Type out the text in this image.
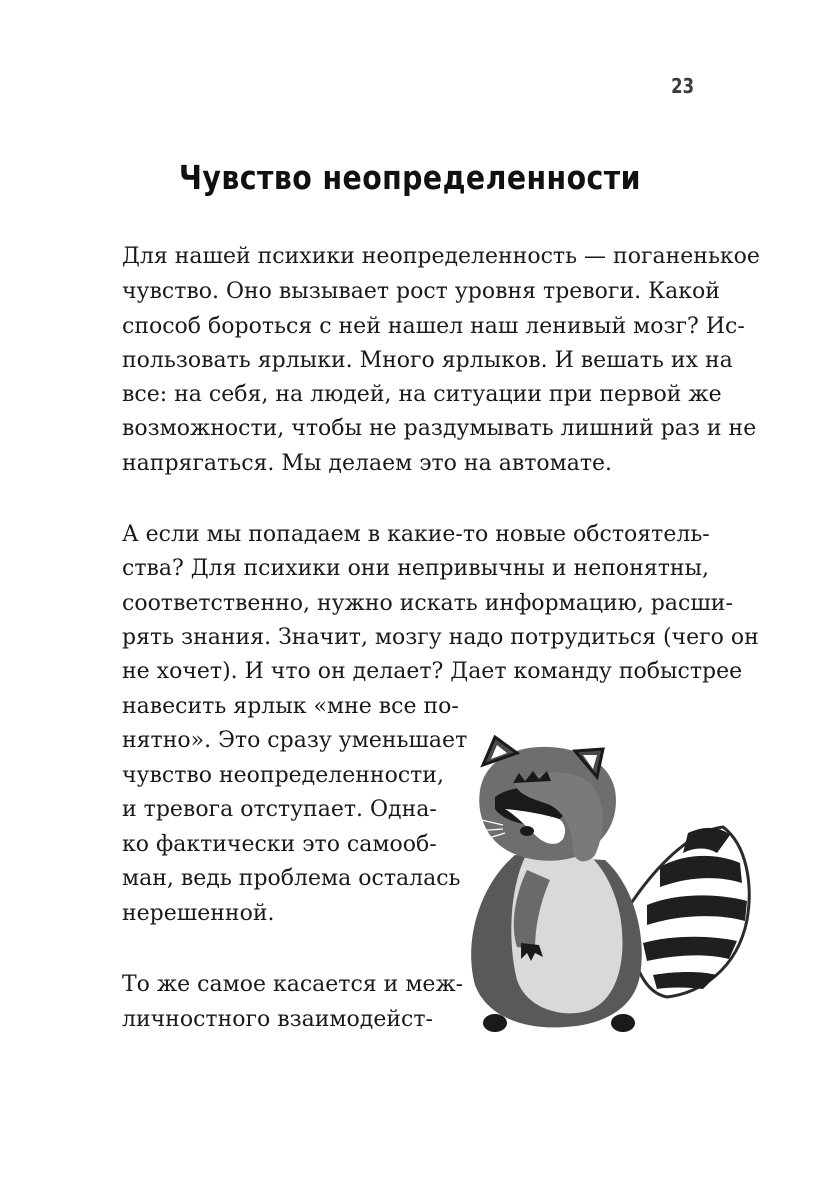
23
Чувство неопределенности
Для нашей психики неопределенность — поганенькое
чувство. Оно вызывает рост уровня тревоги. Какой
способ бороться с ней нашел наш ленивый мозг? Ис-
пользовать ярлыки. Много ярлыков. И вешать их на
все: на себя, на людей, на ситуации при первой же
возможности, чтобы не раздумывать лишний раз и не
напрягаться. Мы делаем это на автомате.
А если мы попадаем в какие-то новые обстоятель-
ства? Для психики они непривычны и непонятны,
соответственно, нужно искать информацию, расши-
рять знания. Значит, мозгу надо потрудиться (чего он
не хочет). И что он делает? Дает команду побыстрее
навесить ярлык «мне все по-
нятно». Это сразу уменьшает
чувство неопределенности,
и тревога отступает. Одна-
ко фактически это самооб-
ман, ведь проблема осталась
нерешенной.
То же самое касается и меж-
личностного взаимодейст-
